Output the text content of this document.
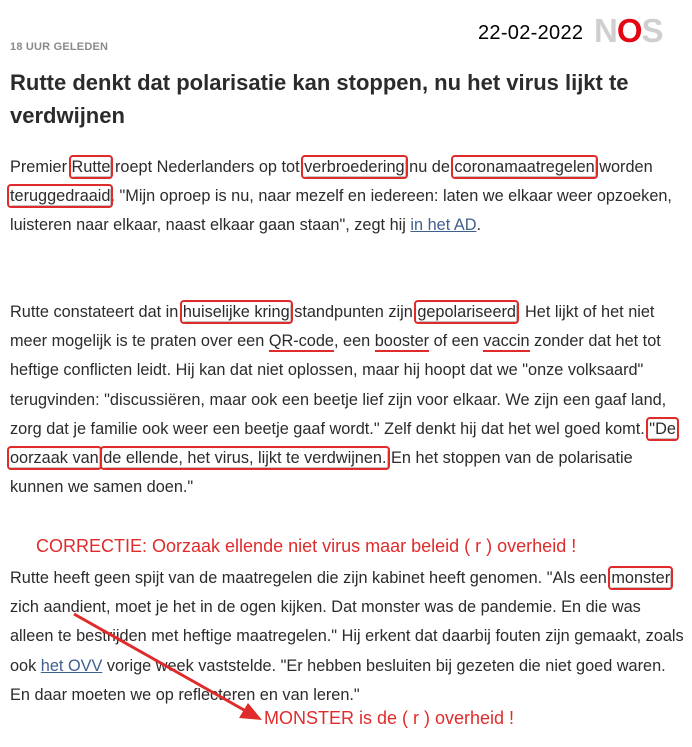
18 UUR GELEDEN
22-02-2022 NOS
Rutte denkt dat polarisatie kan stoppen, nu het virus lijkt te verdwijnen

Premier Rutte roept Nederlanders op tot verbroedering nu de coronamaatregelen worden teruggedraaid. "Mijn oproep is nu, naar mezelf en iedereen: laten we elkaar weer opzoeken, luisteren naar elkaar, naast elkaar gaan staan", zegt hij in het AD.

Rutte constateert dat in huiselijke kring standpunten zijn gepolariseerd. Het lijkt of het niet meer mogelijk is te praten over een QR-code, een booster of een vaccin zonder dat het tot heftige conflicten leidt. Hij kan dat niet oplossen, maar hij hoopt dat we "onze volksaard" terugvinden: "discussiëren, maar ook een beetje lief zijn voor elkaar. We zijn een gaaf land, zorg dat je familie ook weer een beetje gaaf wordt." Zelf denkt hij dat het wel goed komt. "De oorzaak van de ellende, het virus, lijkt te verdwijnen. En het stoppen van de polarisatie kunnen we samen doen."

CORRECTIE: Oorzaak ellende niet virus maar beleid ( r ) overheid !

Rutte heeft geen spijt van de maatregelen die zijn kabinet heeft genomen. "Als een monster zich aandient, moet je het in de ogen kijken. Dat monster was de pandemie. En die was alleen te bestrijden met heftige maatregelen." Hij erkent dat daarbij fouten zijn gemaakt, zoals ook het OVV vorige week vaststelde. "Er hebben besluiten bij gezeten die niet goed waren. En daar moeten we op reflecteren en van leren."

MONSTER is de ( r ) overheid !
